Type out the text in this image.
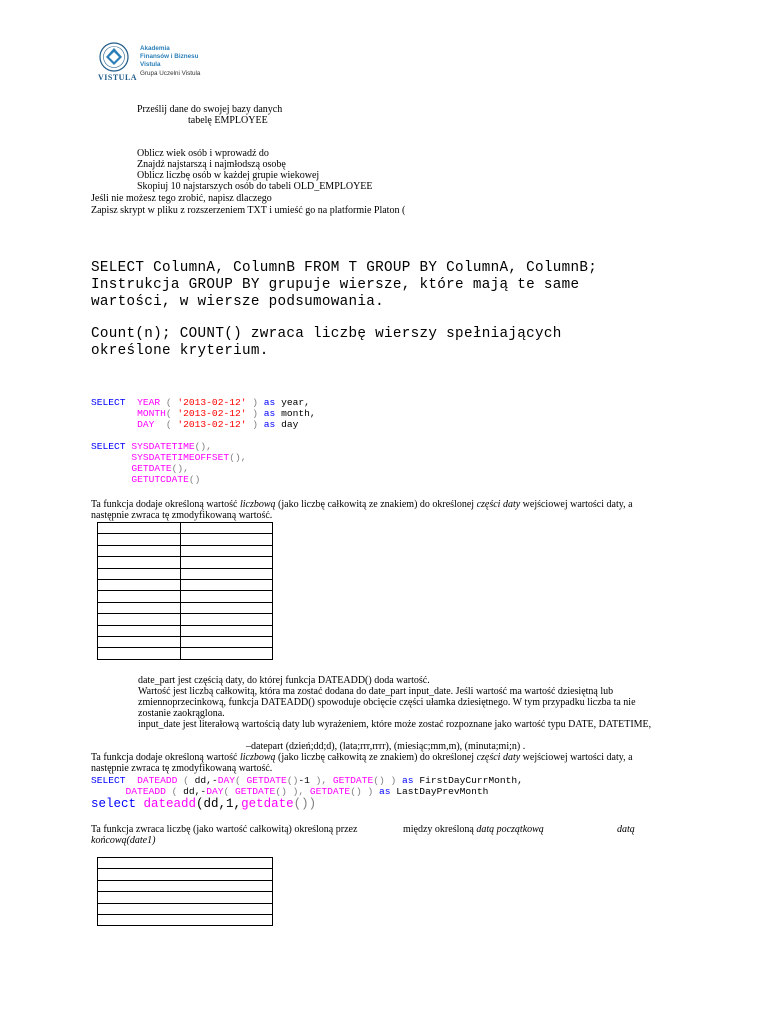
VISTULA
Akademia
Finansów i Biznesu
Vistula
Grupa Uczelni Vistula
Prześlij dane do swojej bazy danych
tabelę EMPLOYEE
Oblicz wiek osób i wprowadź do
Znajdź najstarszą i najmłodszą osobę
Oblicz liczbę osób w każdej grupie wiekowej
Skopiuj 10 najstarszych osób do tabeli OLD_EMPLOYEE
Jeśli nie możesz tego zrobić, napisz dlaczego
Zapisz skrypt w pliku z rozszerzeniem TXT i umieść go na platformie Platon (
SELECT ColumnA, ColumnB FROM T GROUP BY ColumnA, ColumnB;
Instrukcja GROUP BY grupuje wiersze, które mają te same
wartości, w wiersze podsumowania.
Count(n); COUNT() zwraca liczbę wierszy spełniających
określone kryterium.
SELECT YEAR ( '2013-02-12' ) as year,
MONTH( '2013-02-12' ) as month,
DAY ( '2013-02-12' ) as day
SELECT SYSDATETIME(),
SYSDATETIMEOFFSET(),
GETDATE(),
GETUTCDATE()
Ta funkcja dodaje określoną wartość liczbową (jako liczbę całkowitą ze znakiem) do określonej części daty wejściowej wartości daty, a
następnie zwraca tę zmodyfikowaną wartość.

date_part jest częścią daty, do której funkcja DATEADD() doda wartość.
Wartość jest liczbą całkowitą, która ma zostać dodana do date_part input_date. Jeśli wartość ma wartość dziesiętną lub
zmiennoprzecinkową, funkcja DATEADD() spowoduje obcięcie części ułamka dziesiętnego. W tym przypadku liczba ta nie
zostanie zaokrąglona.
input_date jest literałową wartością daty lub wyrażeniem, które może zostać rozpoznane jako wartość typu DATE, DATETIME,
–datepart (dzień;dd;d), (lata;rrr,rrrr), (miesiąc;mm,m), (minuta;mi;n) .
Ta funkcja dodaje określoną wartość liczbową (jako liczbę całkowitą ze znakiem) do określonej części daty wejściowej wartości daty, a
następnie zwraca tę zmodyfikowaną wartość.
SELECT DATEADD ( dd,-DAY( GETDATE()-1 ), GETDATE() ) as FirstDayCurrMonth,
DATEADD ( dd,-DAY( GETDATE() ), GETDATE() ) as LastDayPrevMonth
select dateadd(dd,1,getdate())
Ta funkcja zwraca liczbę (jako wartość całkowitą) określoną przez	między określoną datą początkową	datą
końcową(date1)
